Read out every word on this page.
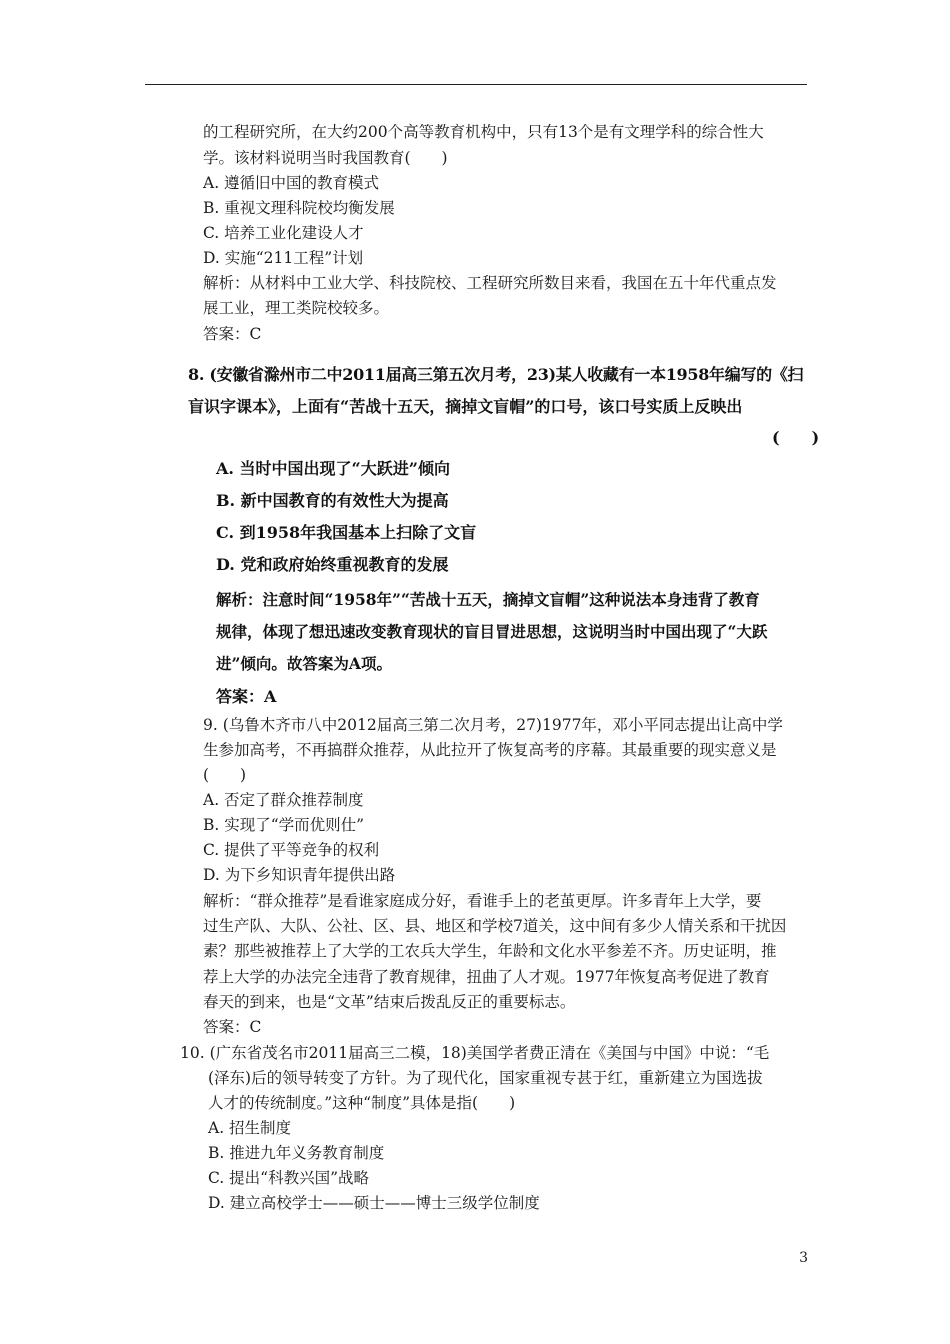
的工程研究所，在大约200个高等教育机构中，只有13个是有文理学科的综合性大
学。该材料说明当时我国教育(　　)
A. 遵循旧中国的教育模式
B. 重视文理科院校均衡发展
C. 培养工业化建设人才
D. 实施“211工程”计划
解析：从材料中工业大学、科技院校、工程研究所数目来看，我国在五十年代重点发
展工业，理工类院校较多。
答案：C
8. (安徽省滁州市二中2011届高三第五次月考，23)某人收藏有一本1958年编写的《扫
盲识字课本》，上面有“苦战十五天，摘掉文盲帽”的口号，该口号实质上反映出
(　　)
A. 当时中国出现了“大跃进”倾向
B. 新中国教育的有效性大为提高
C. 到1958年我国基本上扫除了文盲
D. 党和政府始终重视教育的发展
解析：注意时间“1958年”“苦战十五天，摘掉文盲帽”这种说法本身违背了教育
规律，体现了想迅速改变教育现状的盲目冒进思想，这说明当时中国出现了“大跃
进”倾向。故答案为A项。
答案：A
9. (乌鲁木齐市八中2012届高三第二次月考，27)1977年，邓小平同志提出让高中学
生参加高考，不再搞群众推荐，从此拉开了恢复高考的序幕。其最重要的现实意义是
(　　)
A. 否定了群众推荐制度
B. 实现了“学而优则仕”
C. 提供了平等竞争的权利
D. 为下乡知识青年提供出路
解析：“群众推荐”是看谁家庭成分好，看谁手上的老茧更厚。许多青年上大学，要
过生产队、大队、公社、区、县、地区和学校7道关，这中间有多少人情关系和干扰因
素？那些被推荐上了大学的工农兵大学生，年龄和文化水平参差不齐。历史证明，推
荐上大学的办法完全违背了教育规律，扭曲了人才观。1977年恢复高考促进了教育
春天的到来，也是“文革”结束后拨乱反正的重要标志。
答案：C
10. (广东省茂名市2011届高三二模，18)美国学者费正清在《美国与中国》中说：“毛
(泽东)后的领导转变了方针。为了现代化，国家重视专甚于红，重新建立为国选拔
人才的传统制度。”这种“制度”具体是指(　　)
A. 招生制度
B. 推进九年义务教育制度
C. 提出“科教兴国”战略
D. 建立高校学士——硕士——博士三级学位制度
3
